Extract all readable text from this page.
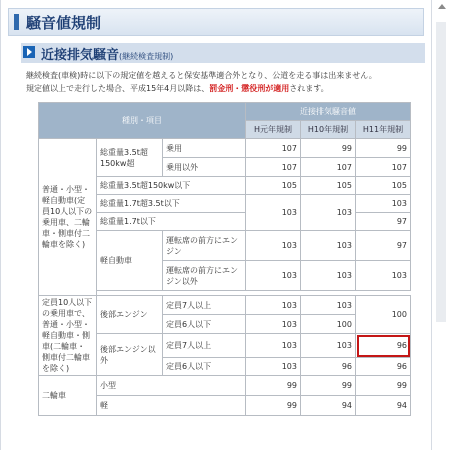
騒音値規制
近接排気騒音(継続検査規制)
継続検査(車検)時に以下の規定値を越えると保安基準適合外となり、公道を走る事は出来ません。
規定値以上で走行した場合、平成15年4月以降は、罰金刑・懲役刑が適用されます。
種別・項目			近接排気騒音値		
			H元年規制	H10年規制	H11年規制
普通・小型・軽自動車(定員10人以下の乗用車、二輪車・側車付二輪車を除く)	総重量3.5t超150kw超	乗用	107	99	99
		乗用以外	107	107	107
	総重量3.5t超150kw以下		105	105	105
	総重量1.7t超3.5t以下		103	103	103
	総重量1.7t以下				97
	軽自動車	運転席の前方にエンジン	103	103	97
		運転席の前方にエンジン以外	103	103	103

定員10人以下の乗用車で、普通・小型・軽自動車・側車(二輪車・側車付二輪車を除く)	後部エンジン	定員7人以上	103	103	100
		定員6人以下	103	100	
	後部エンジン以外	定員7人以上	103	103	96
		定員6人以下	103	96	96
二輪車	小型		99	99	99
	軽		99	94	94
